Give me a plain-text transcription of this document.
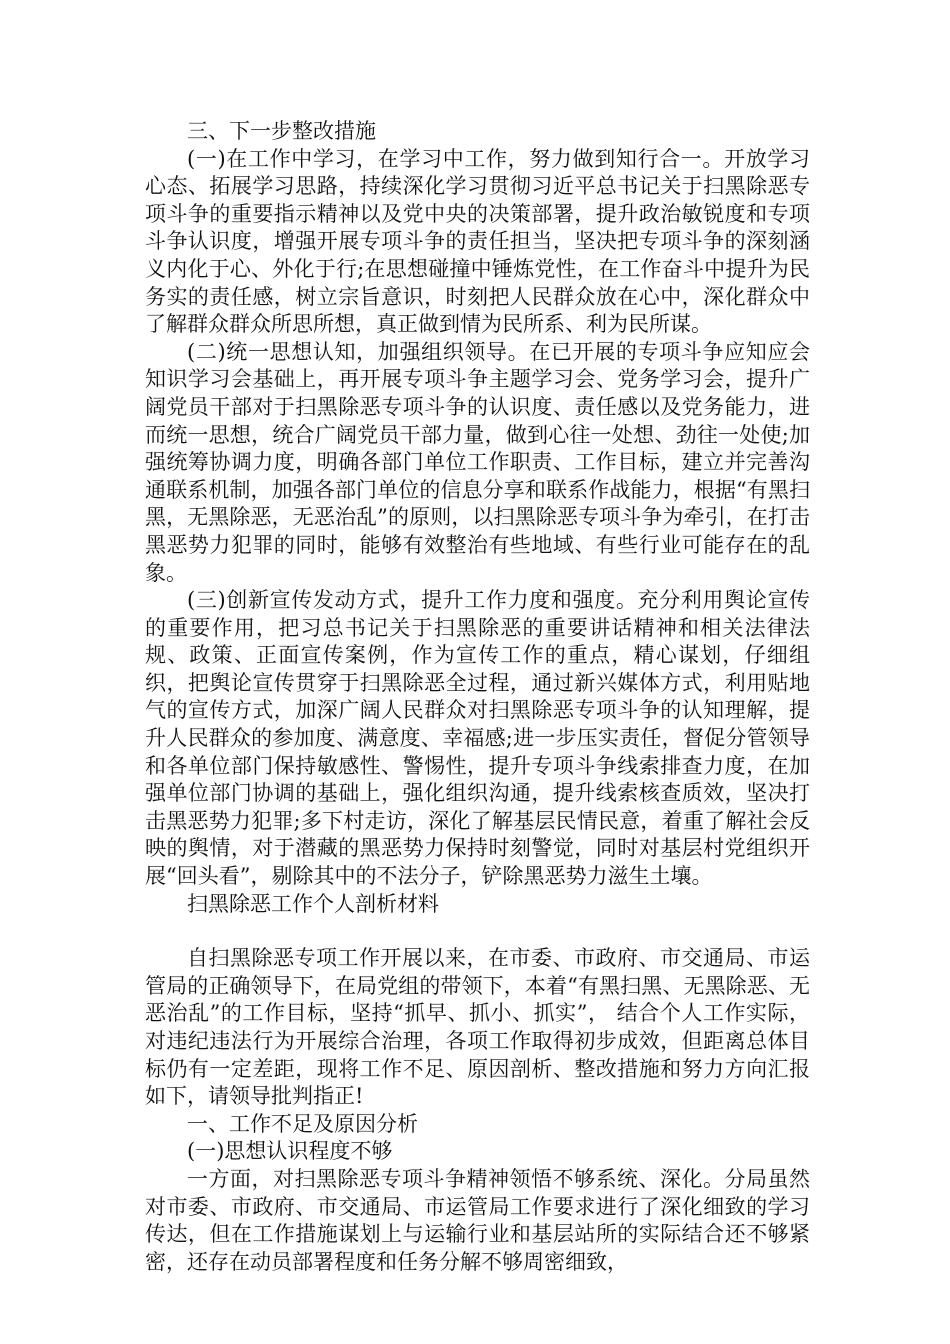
三、下一步整改措施

(一)在工作中学习，在学习中工作，努力做到知行合一。开放学习心态、拓展学习思路，持续深化学习贯彻习近平总书记关于扫黑除恶专项斗争的重要指示精神以及党中央的决策部署，提升政治敏锐度和专项斗争认识度，增强开展专项斗争的责任担当，坚决把专项斗争的深刻涵义内化于心、外化于行;在思想碰撞中锤炼党性，在工作奋斗中提升为民务实的责任感，树立宗旨意识，时刻把人民群众放在心中，深化群众中了解群众群众所思所想，真正做到情为民所系、利为民所谋。

(二)统一思想认知，加强组织领导。在已开展的专项斗争应知应会知识学习会基础上，再开展专项斗争主题学习会、党务学习会，提升广阔党员干部对于扫黑除恶专项斗争的认识度、责任感以及党务能力，进而统一思想，统合广阔党员干部力量，做到心往一处想、劲往一处使;加强统筹协调力度，明确各部门单位工作职责、工作目标，建立并完善沟通联系机制，加强各部门单位的信息分享和联系作战能力，根据“有黑扫黑，无黑除恶，无恶治乱”的原则，以扫黑除恶专项斗争为牵引，在打击黑恶势力犯罪的同时，能够有效整治有些地域、有些行业可能存在的乱象。

(三)创新宣传发动方式，提升工作力度和强度。充分利用舆论宣传的重要作用，把习总书记关于扫黑除恶的重要讲话精神和相关法律法规、政策、正面宣传案例，作为宣传工作的重点，精心谋划，仔细组织，把舆论宣传贯穿于扫黑除恶全过程，通过新兴媒体方式，利用贴地气的宣传方式，加深广阔人民群众对扫黑除恶专项斗争的认知理解，提升人民群众的参加度、满意度、幸福感;进一步压实责任，督促分管领导和各单位部门保持敏感性、警惕性，提升专项斗争线索排查力度，在加强单位部门协调的基础上，强化组织沟通，提升线索核查质效，坚决打击黑恶势力犯罪;多下村走访，深化了解基层民情民意，着重了解社会反映的舆情，对于潜藏的黑恶势力保持时刻警觉，同时对基层村党组织开展“回头看”，剔除其中的不法分子，铲除黑恶势力滋生土壤。

扫黑除恶工作个人剖析材料

自扫黑除恶专项工作开展以来，在市委、市政府、市交通局、市运管局的正确领导下，在局党组的带领下，本着“有黑扫黑、无黑除恶、无恶治乱”的工作目标，坚持“抓早、抓小、抓实”， 结合个人工作实际，对违纪违法行为开展综合治理，各项工作取得初步成效，但距离总体目标仍有一定差距，现将工作不足、原因剖析、整改措施和努力方向汇报如下，请领导批判指正!

一、工作不足及原因分析

(一)思想认识程度不够

一方面，对扫黑除恶专项斗争精神领悟不够系统、深化。分局虽然对市委、市政府、市交通局、市运管局工作要求进行了深化细致的学习传达，但在工作措施谋划上与运输行业和基层站所的实际结合还不够紧密，还存在动员部署程度和任务分解不够周密细致，
